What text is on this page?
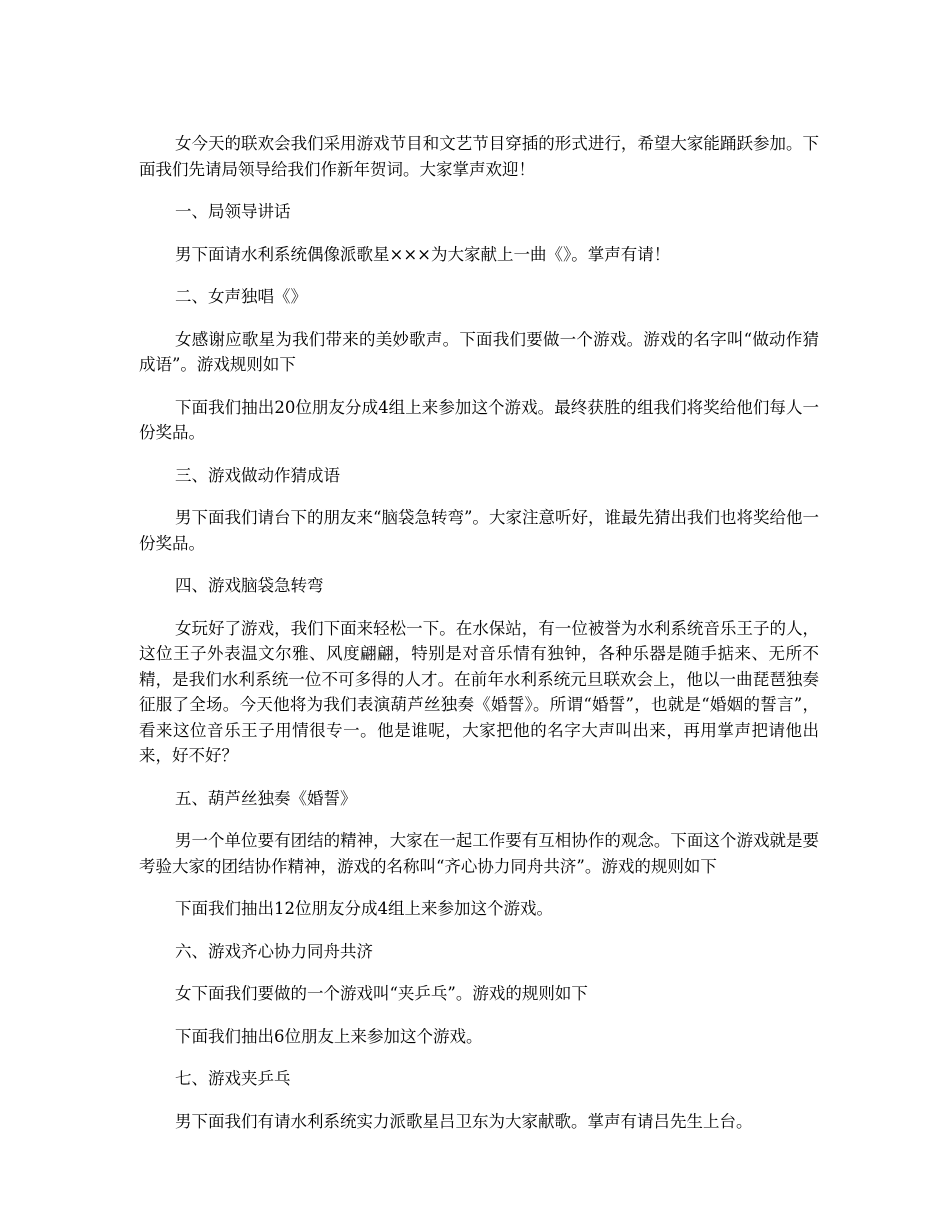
女今天的联欢会我们采用游戏节目和文艺节目穿插的形式进行，希望大家能踊跃参加。下面我们先请局领导给我们作新年贺词。大家掌声欢迎！

一、局领导讲话

男下面请水利系统偶像派歌星×××为大家献上一曲《》。掌声有请！

二、女声独唱《》

女感谢应歌星为我们带来的美妙歌声。下面我们要做一个游戏。游戏的名字叫“做动作猜成语”。游戏规则如下

下面我们抽出20位朋友分成4组上来参加这个游戏。最终获胜的组我们将奖给他们每人一份奖品。

三、游戏做动作猜成语

男下面我们请台下的朋友来“脑袋急转弯”。大家注意听好，谁最先猜出我们也将奖给他一份奖品。

四、游戏脑袋急转弯

女玩好了游戏，我们下面来轻松一下。在水保站，有一位被誉为水利系统音乐王子的人，这位王子外表温文尔雅、风度翩翩，特别是对音乐情有独钟，各种乐器是随手掂来、无所不精，是我们水利系统一位不可多得的人才。在前年水利系统元旦联欢会上，他以一曲琵琶独奏征服了全场。今天他将为我们表演葫芦丝独奏《婚誓》。所谓“婚誓”，也就是“婚姻的誓言”，看来这位音乐王子用情很专一。他是谁呢，大家把他的名字大声叫出来，再用掌声把请他出来，好不好？

五、葫芦丝独奏《婚誓》

男一个单位要有团结的精神，大家在一起工作要有互相协作的观念。下面这个游戏就是要考验大家的团结协作精神，游戏的名称叫“齐心协力同舟共济”。游戏的规则如下

下面我们抽出12位朋友分成4组上来参加这个游戏。

六、游戏齐心协力同舟共济

女下面我们要做的一个游戏叫“夹乒乓”。游戏的规则如下

下面我们抽出6位朋友上来参加这个游戏。

七、游戏夹乒乓

男下面我们有请水利系统实力派歌星吕卫东为大家献歌。掌声有请吕先生上台。
